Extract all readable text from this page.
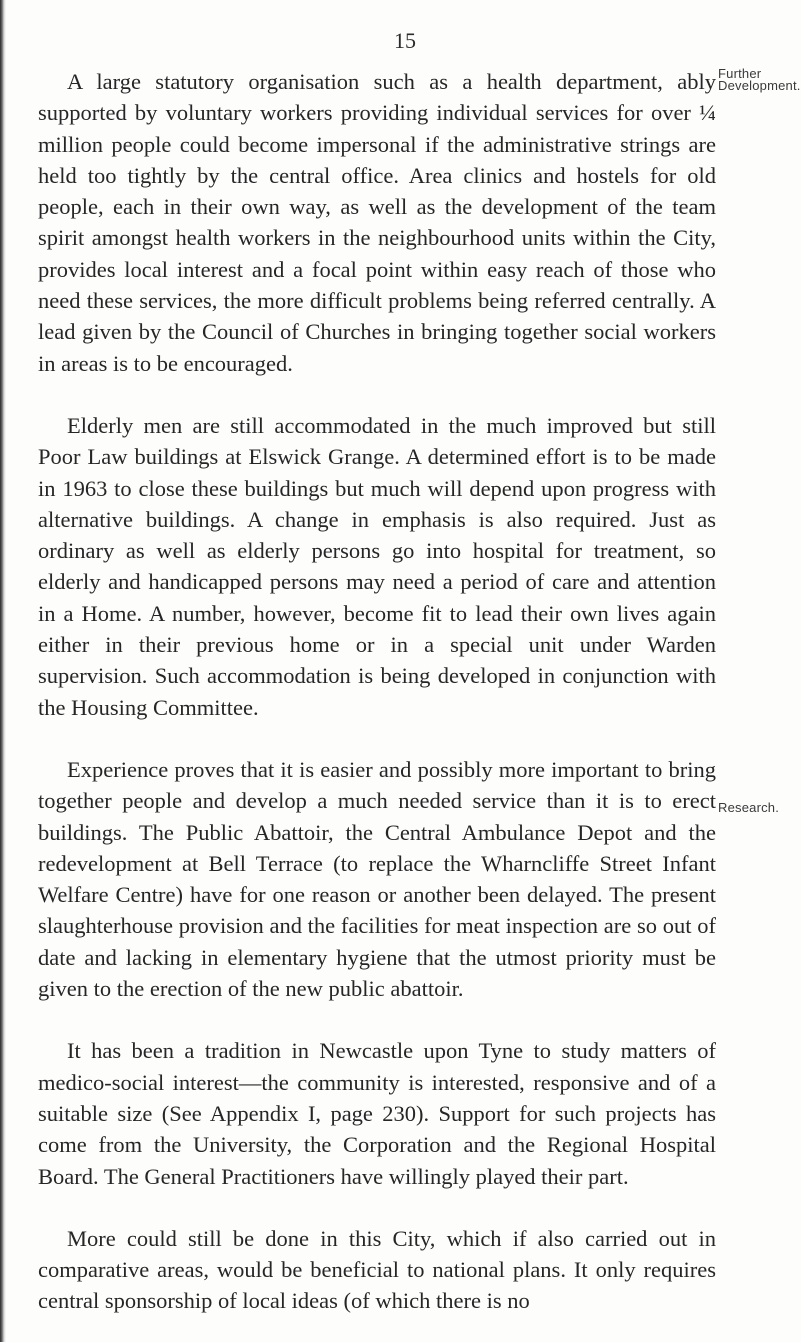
15
Further
Development.
Research.

A large statutory organisation such as a health department, ably supported by voluntary workers providing individual services for over ¼ million people could become impersonal if the administrative strings are held too tightly by the central office. Area clinics and hostels for old people, each in their own way, as well as the development of the team spirit amongst health workers in the neighbourhood units within the City, provides local interest and a focal point within easy reach of those who need these services, the more difficult problems being referred centrally. A lead given by the Council of Churches in bringing together social workers in areas is to be encouraged.

Elderly men are still accommodated in the much improved but still Poor Law buildings at Elswick Grange. A determined effort is to be made in 1963 to close these buildings but much will depend upon progress with alternative buildings. A change in emphasis is also required. Just as ordinary as well as elderly persons go into hospital for treatment, so elderly and handicapped persons may need a period of care and attention in a Home. A number, however, become fit to lead their own lives again either in their previous home or in a special unit under Warden supervision. Such accommodation is being developed in conjunction with the Housing Committee.

Experience proves that it is easier and possibly more important to bring together people and develop a much needed service than it is to erect buildings. The Public Abattoir, the Central Ambulance Depot and the redevelopment at Bell Terrace (to replace the Wharncliffe Street Infant Welfare Centre) have for one reason or another been delayed. The present slaughterhouse provision and the facilities for meat inspection are so out of date and lacking in elementary hygiene that the utmost priority must be given to the erection of the new public abattoir.

It has been a tradition in Newcastle upon Tyne to study matters of medico-social interest—the community is interested, responsive and of a suitable size (See Appendix I, page 230). Support for such projects has come from the University, the Corporation and the Regional Hospital Board. The General Practitioners have willingly played their part.

More could still be done in this City, which if also carried out in comparative areas, would be beneficial to national plans. It only requires central sponsorship of local ideas (of which there is no
